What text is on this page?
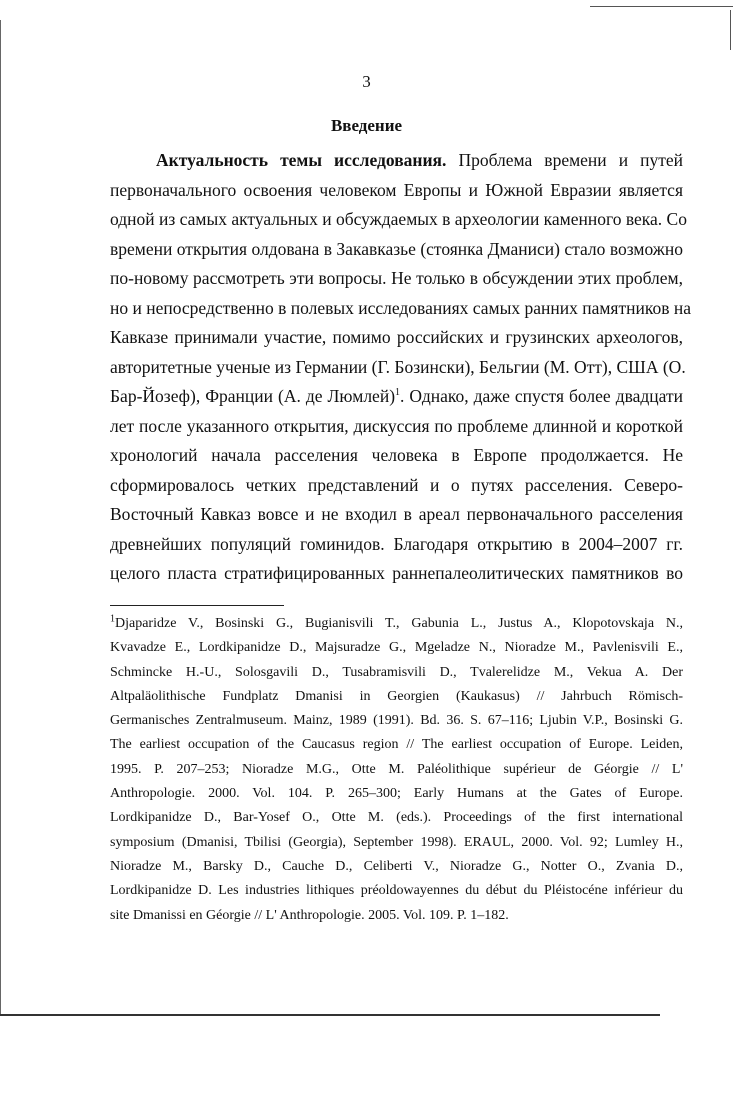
3
Введение
Актуальность темы исследования. Проблема времени и путей
первоначального освоения человеком Европы и Южной Евразии является
одной из самых актуальных и обсуждаемых в археологии каменного века. Со
времени открытия олдована в Закавказье (стоянка Дманиси) стало возможно
по-новому рассмотреть эти вопросы. Не только в обсуждении этих проблем,
но и непосредственно в полевых исследованиях самых ранних памятников на
Кавказе принимали участие, помимо российских и грузинских археологов,
авторитетные ученые из Германии (Г. Бозински), Бельгии (М. Отт), США (О.
Бар-Йозеф), Франции (А. де Люмлей)$^1$. Однако, даже спустя более двадцати
лет после указанного открытия, дискуссия по проблеме длинной и короткой
хронологий начала расселения человека в Европе продолжается. Не
сформировалось четких представлений и о путях расселения. Северо-
Восточный Кавказ вовсе и не входил в ареал первоначального расселения
древнейших популяций гоминидов. Благодаря открытию в 2004–2007 гг.
целого пласта стратифицированных раннепалеолитических памятников во
$^1$Djaparidze V., Bosinski G., Bugianisvili T., Gabunia L., Justus A., Klopotovskaja N.,
Kvavadze E., Lordkipanidze D., Majsuradze G., Mgeladze N., Nioradze M., Pavlenisvili E.,
Schmincke H.-U., Solosgavili D., Tusabramisvili D., Tvalerelidze M., Vekua A. Der
Altpaläolithische Fundplatz Dmanisi in Georgien (Kaukasus) // Jahrbuch Römisch-
Germanisches Zentralmuseum. Mainz, 1989 (1991). Bd. 36. S. 67–116; Ljubin V.P., Bosinski G.
The earliest occupation of the Caucasus region // The earliest occupation of Europe. Leiden,
1995. P. 207–253; Nioradze M.G., Otte M. Paléolithique supérieur de Géorgie // L'
Anthropologie. 2000. Vol. 104. P. 265–300; Early Humans at the Gates of Europe.
Lordkipanidze D., Bar-Yosef O., Otte M. (eds.). Proceedings of the first international
symposium (Dmanisi, Tbilisi (Georgia), September 1998). ERAUL, 2000. Vol. 92; Lumley H.,
Nioradze M., Barsky D., Cauche D., Celiberti V., Nioradze G., Notter O., Zvania D.,
Lordkipanidze D. Les industries lithiques préoldowayennes du début du Pléistocéne inférieur du
site Dmanissi en Géorgie // L' Anthropologie. 2005. Vol. 109. P. 1–182.
